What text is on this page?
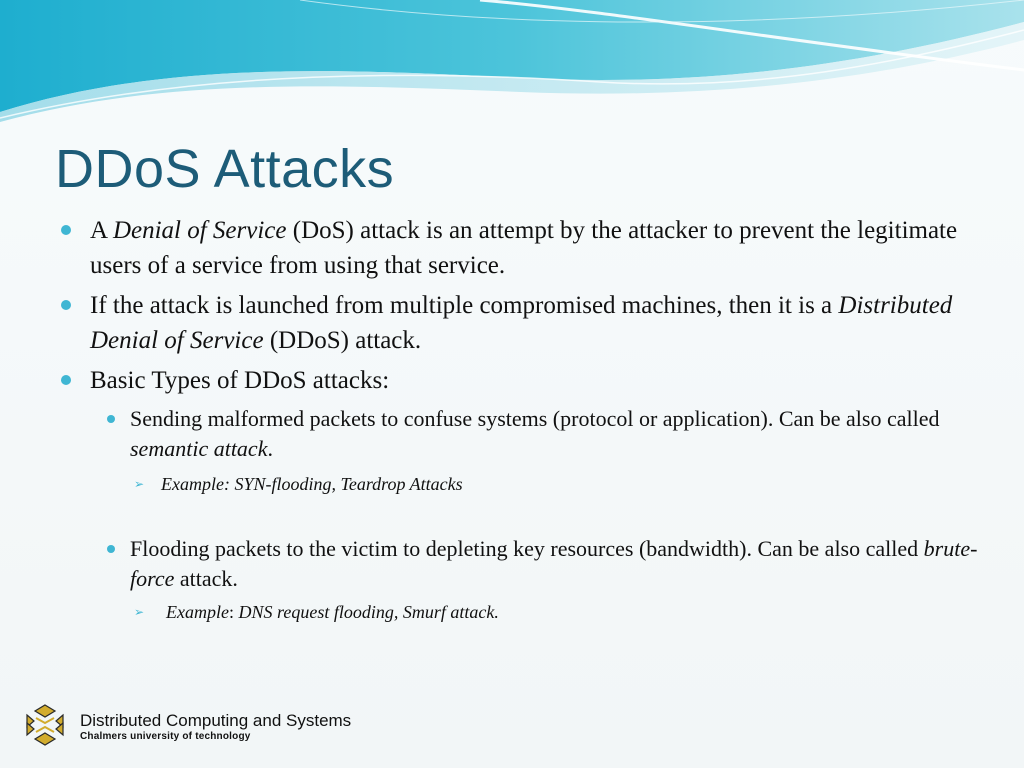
DDoS Attacks
A Denial of Service (DoS) attack is an attempt by the attacker to prevent the legitimate users of a service from using that service.
If the attack is launched from multiple compromised machines, then it is a Distributed Denial of Service (DDoS) attack.
Basic Types of DDoS attacks:
Sending malformed packets to confuse systems (protocol or application). Can be also called semantic attack.
➢ Example: SYN-flooding, Teardrop Attacks
Flooding packets to the victim to depleting key resources (bandwidth). Can be also called brute-force attack.
➢ Example: DNS request flooding, Smurf attack.
Distributed Computing and Systems
Chalmers university of technology
